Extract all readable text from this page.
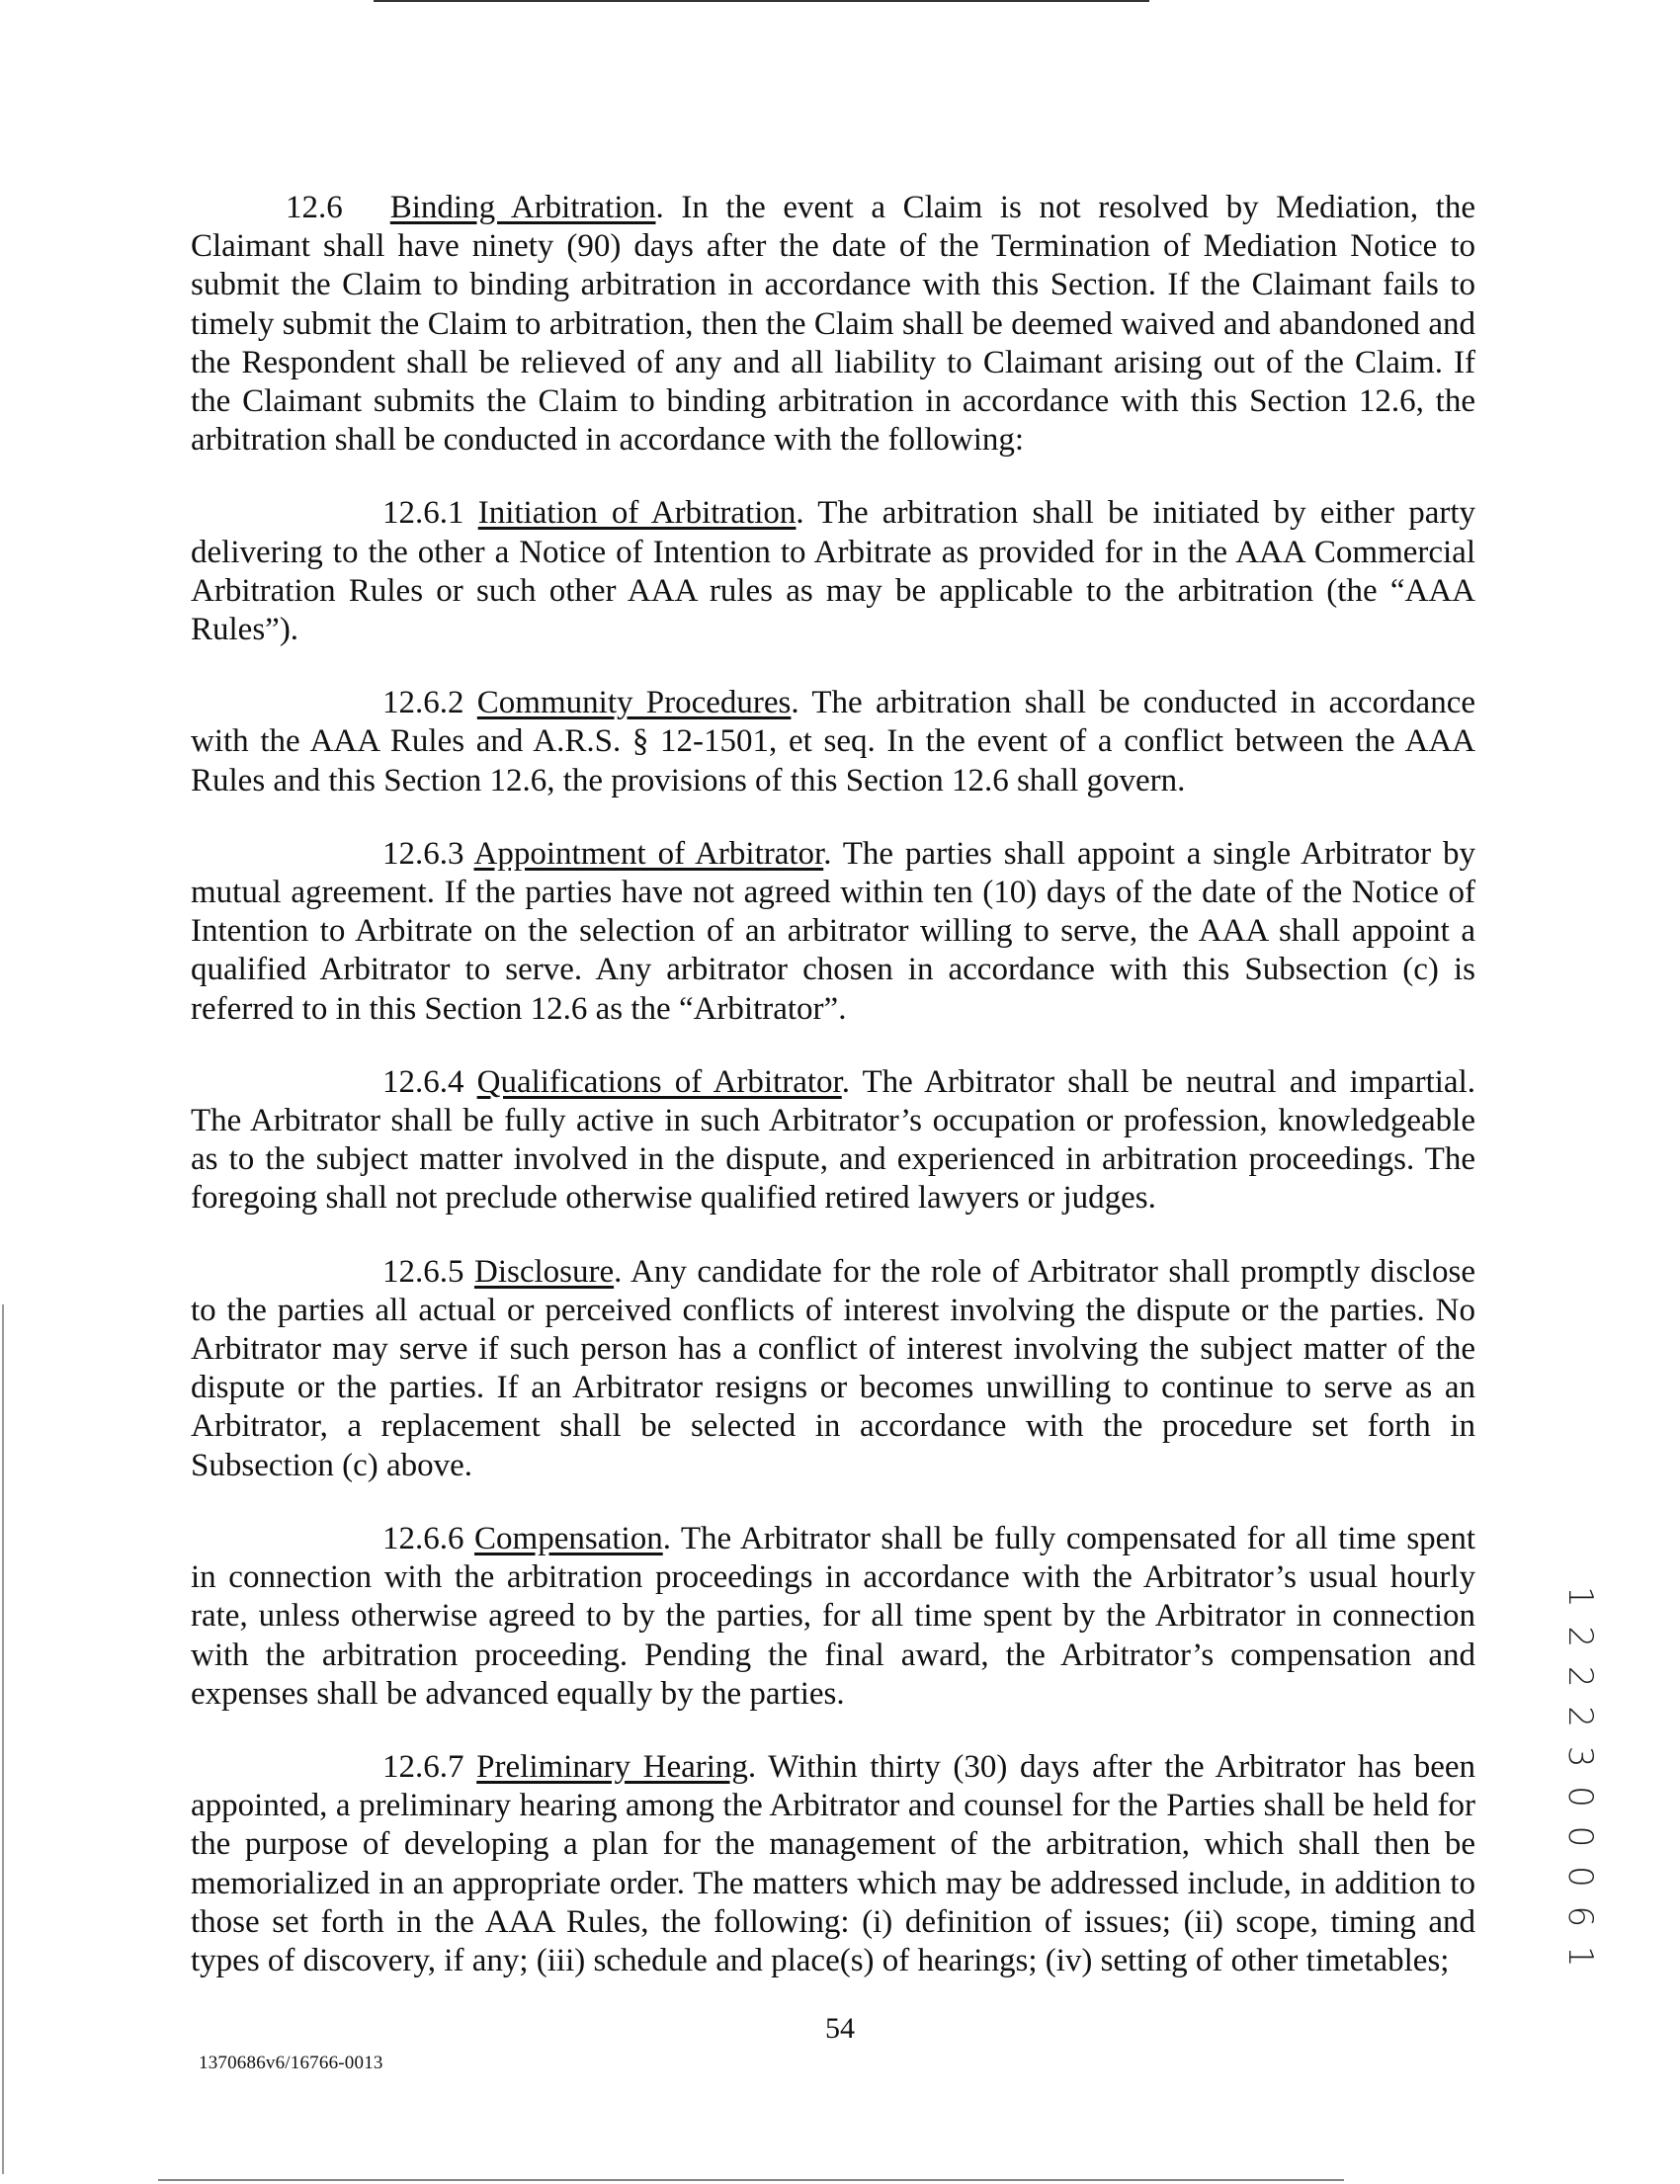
12.6 Binding Arbitration. In the event a Claim is not resolved by Mediation, the Claimant shall have ninety (90) days after the date of the Termination of Mediation Notice to submit the Claim to binding arbitration in accordance with this Section. If the Claimant fails to timely submit the Claim to arbitration, then the Claim shall be deemed waived and abandoned and the Respondent shall be relieved of any and all liability to Claimant arising out of the Claim. If the Claimant submits the Claim to binding arbitration in accordance with this Section 12.6, the arbitration shall be conducted in accordance with the following:

12.6.1 Initiation of Arbitration. The arbitration shall be initiated by either party delivering to the other a Notice of Intention to Arbitrate as provided for in the AAA Commercial Arbitration Rules or such other AAA rules as may be applicable to the arbitration (the “AAA Rules”).

12.6.2 Community Procedures. The arbitration shall be conducted in accordance with the AAA Rules and A.R.S. § 12-1501, et seq. In the event of a conflict between the AAA Rules and this Section 12.6, the provisions of this Section 12.6 shall govern.

12.6.3 Appointment of Arbitrator. The parties shall appoint a single Arbitrator by mutual agreement. If the parties have not agreed within ten (10) days of the date of the Notice of Intention to Arbitrate on the selection of an arbitrator willing to serve, the AAA shall appoint a qualified Arbitrator to serve. Any arbitrator chosen in accordance with this Subsection (c) is referred to in this Section 12.6 as the “Arbitrator”.

12.6.4 Qualifications of Arbitrator. The Arbitrator shall be neutral and impartial. The Arbitrator shall be fully active in such Arbitrator’s occupation or profession, knowledgeable as to the subject matter involved in the dispute, and experienced in arbitration proceedings. The foregoing shall not preclude otherwise qualified retired lawyers or judges.

12.6.5 Disclosure. Any candidate for the role of Arbitrator shall promptly disclose to the parties all actual or perceived conflicts of interest involving the dispute or the parties. No Arbitrator may serve if such person has a conflict of interest involving the subject matter of the dispute or the parties. If an Arbitrator resigns or becomes unwilling to continue to serve as an Arbitrator, a replacement shall be selected in accordance with the procedure set forth in Subsection (c) above.

12.6.6 Compensation. The Arbitrator shall be fully compensated for all time spent in connection with the arbitration proceedings in accordance with the Arbitrator’s usual hourly rate, unless otherwise agreed to by the parties, for all time spent by the Arbitrator in connection with the arbitration proceeding. Pending the final award, the Arbitrator’s compensation and expenses shall be advanced equally by the parties.

12.6.7 Preliminary Hearing. Within thirty (30) days after the Arbitrator has been appointed, a preliminary hearing among the Arbitrator and counsel for the Parties shall be held for the purpose of developing a plan for the management of the arbitration, which shall then be memorialized in an appropriate order. The matters which may be addressed include, in addition to those set forth in the AAA Rules, the following: (i) definition of issues; (ii) scope, timing and types of discovery, if any; (iii) schedule and place(s) of hearings; (iv) setting of other timetables;

54
1370686v6/16766-0013
1 2 2 2 3 0 0 0 6 1
